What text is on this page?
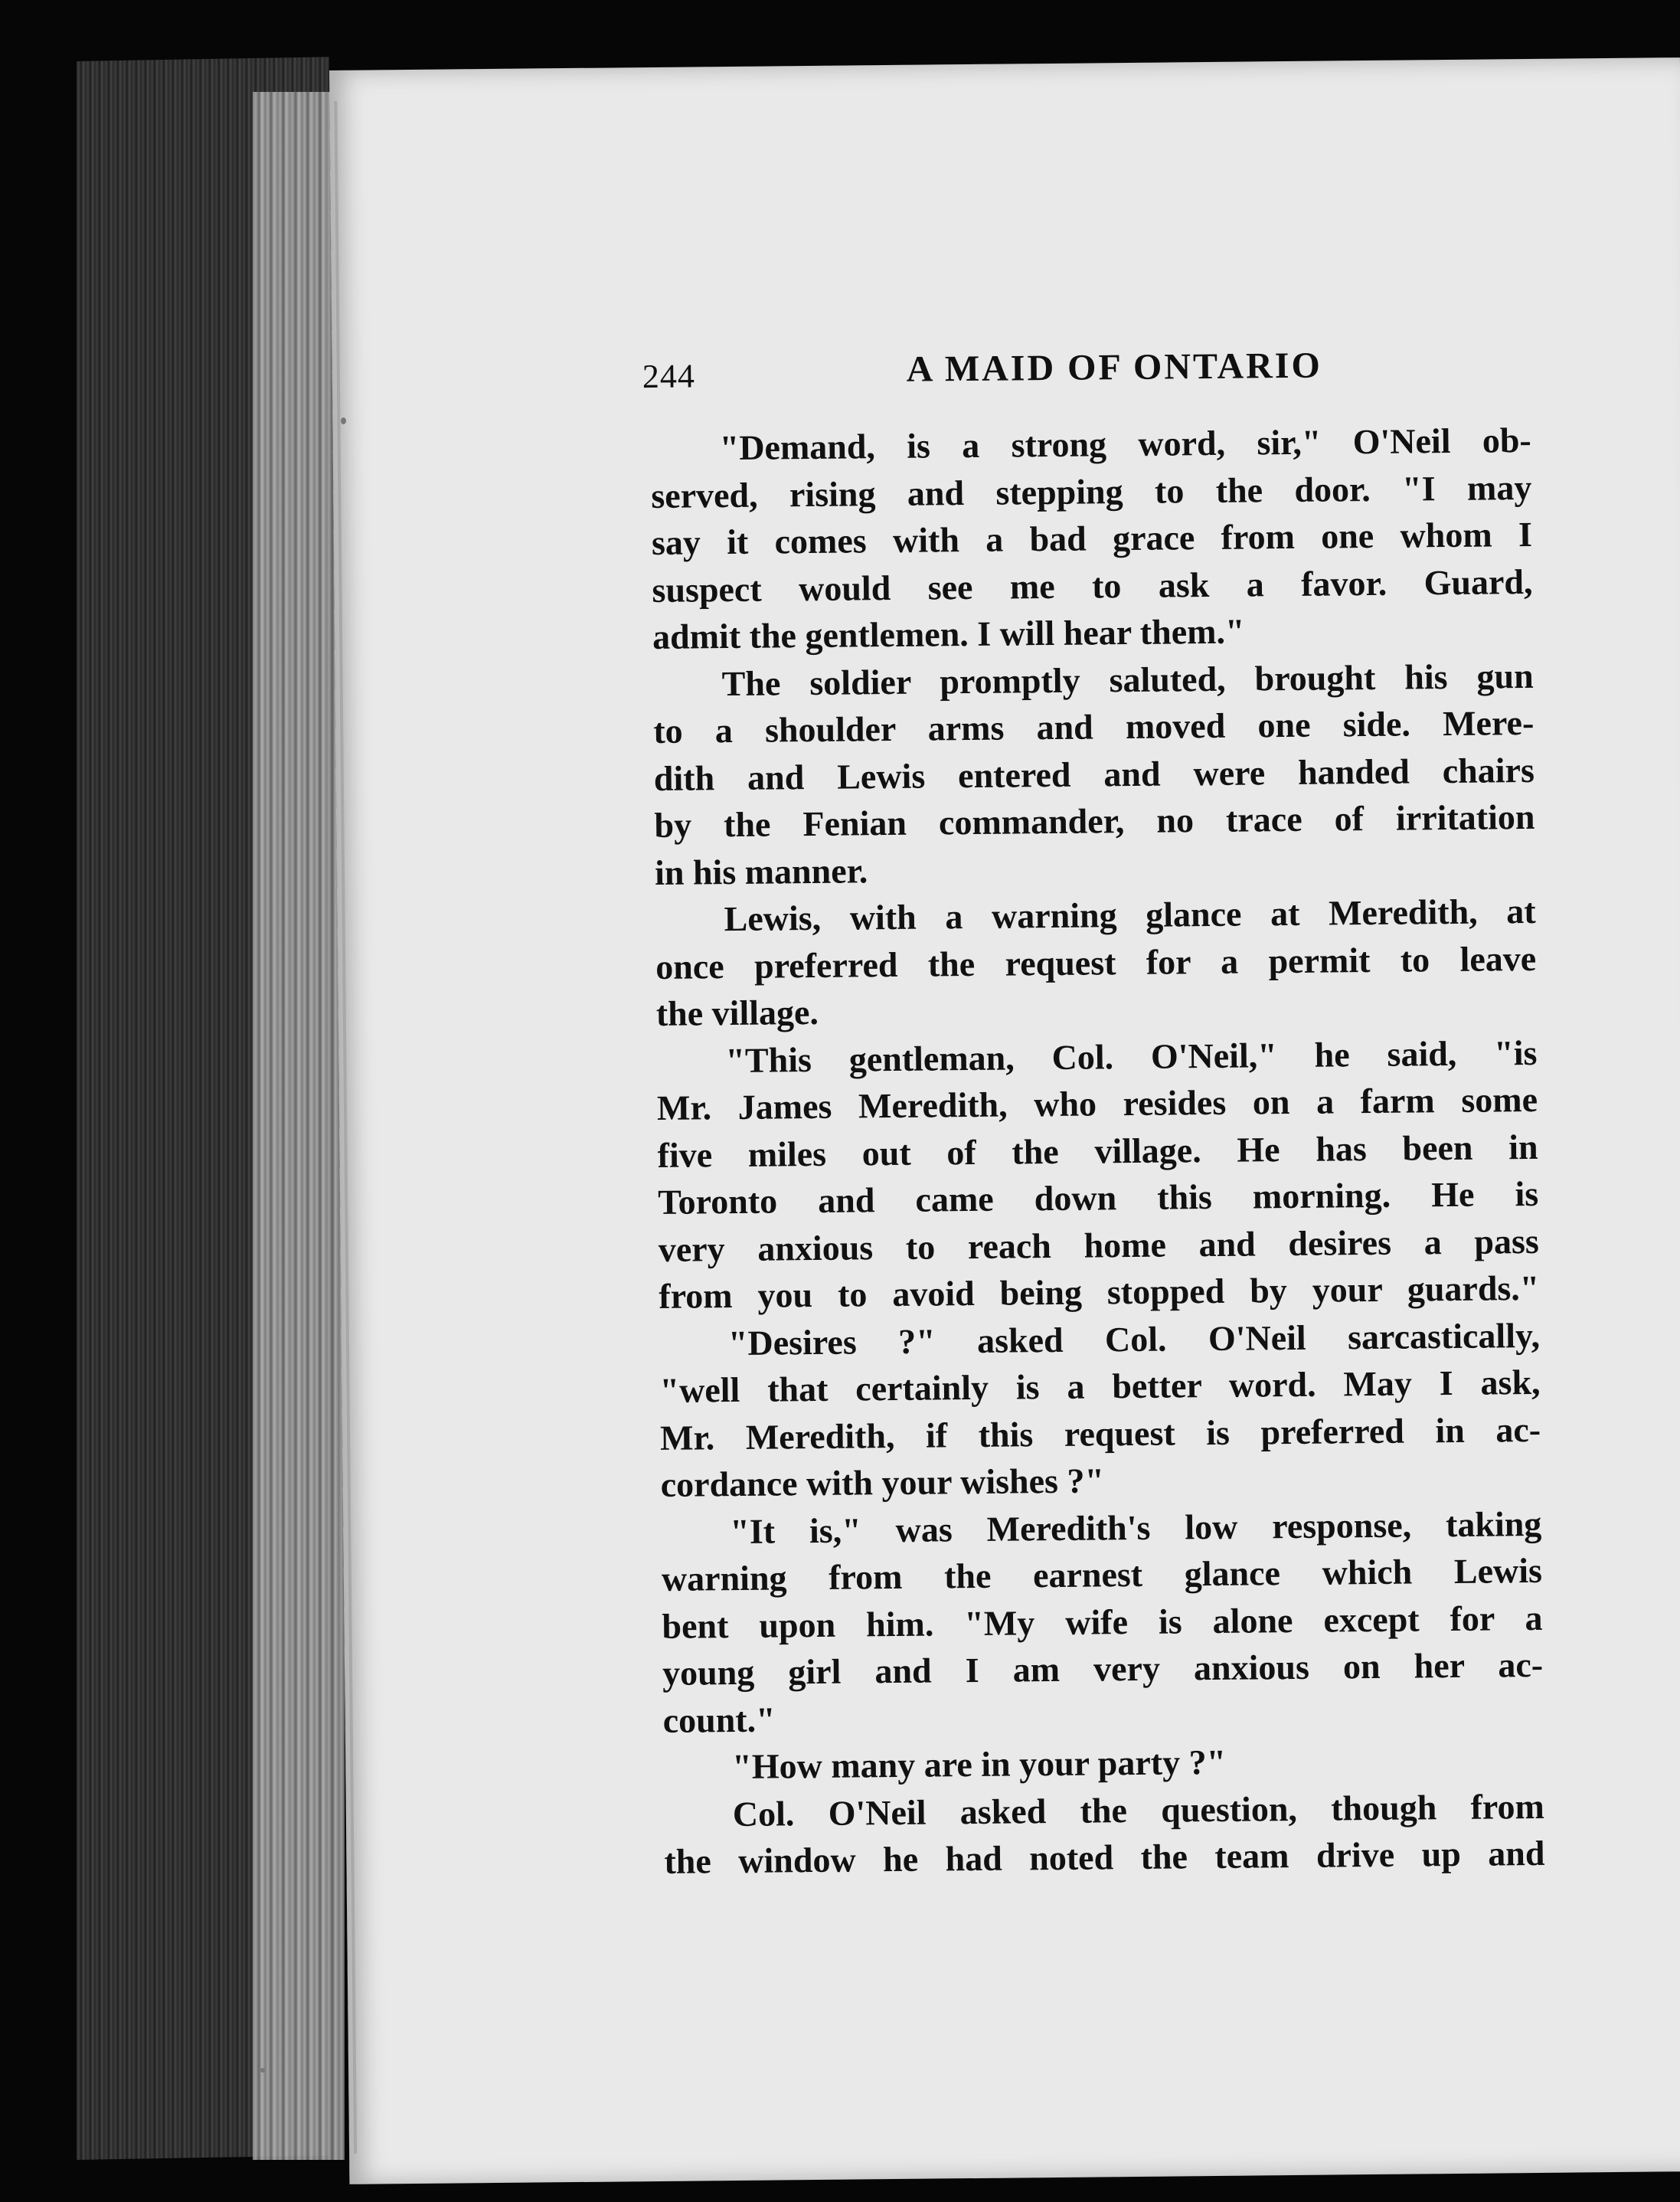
244	A MAID OF ONTARIO
"Demand, is a strong word, sir," O'Neil ob-
served, rising and stepping to the door. "I may
say it comes with a bad grace from one whom I
suspect would see me to ask a favor. Guard,
admit the gentlemen. I will hear them."
The soldier promptly saluted, brought his gun
to a shoulder arms and moved one side. Mere-
dith and Lewis entered and were handed chairs
by the Fenian commander, no trace of irritation
in his manner.
Lewis, with a warning glance at Meredith, at
once preferred the request for a permit to leave
the village.
"This gentleman, Col. O'Neil," he said, "is
Mr. James Meredith, who resides on a farm some
five miles out of the village. He has been in
Toronto and came down this morning. He is
very anxious to reach home and desires a pass
from you to avoid being stopped by your guards."
"Desires ?" asked Col. O'Neil sarcastically,
"well that certainly is a better word. May I ask,
Mr. Meredith, if this request is preferred in ac-
cordance with your wishes ?"
"It is," was Meredith's low response, taking
warning from the earnest glance which Lewis
bent upon him. "My wife is alone except for a
young girl and I am very anxious on her ac-
count."
"How many are in your party ?"
Col. O'Neil asked the question, though from
the window he had noted the team drive up and
